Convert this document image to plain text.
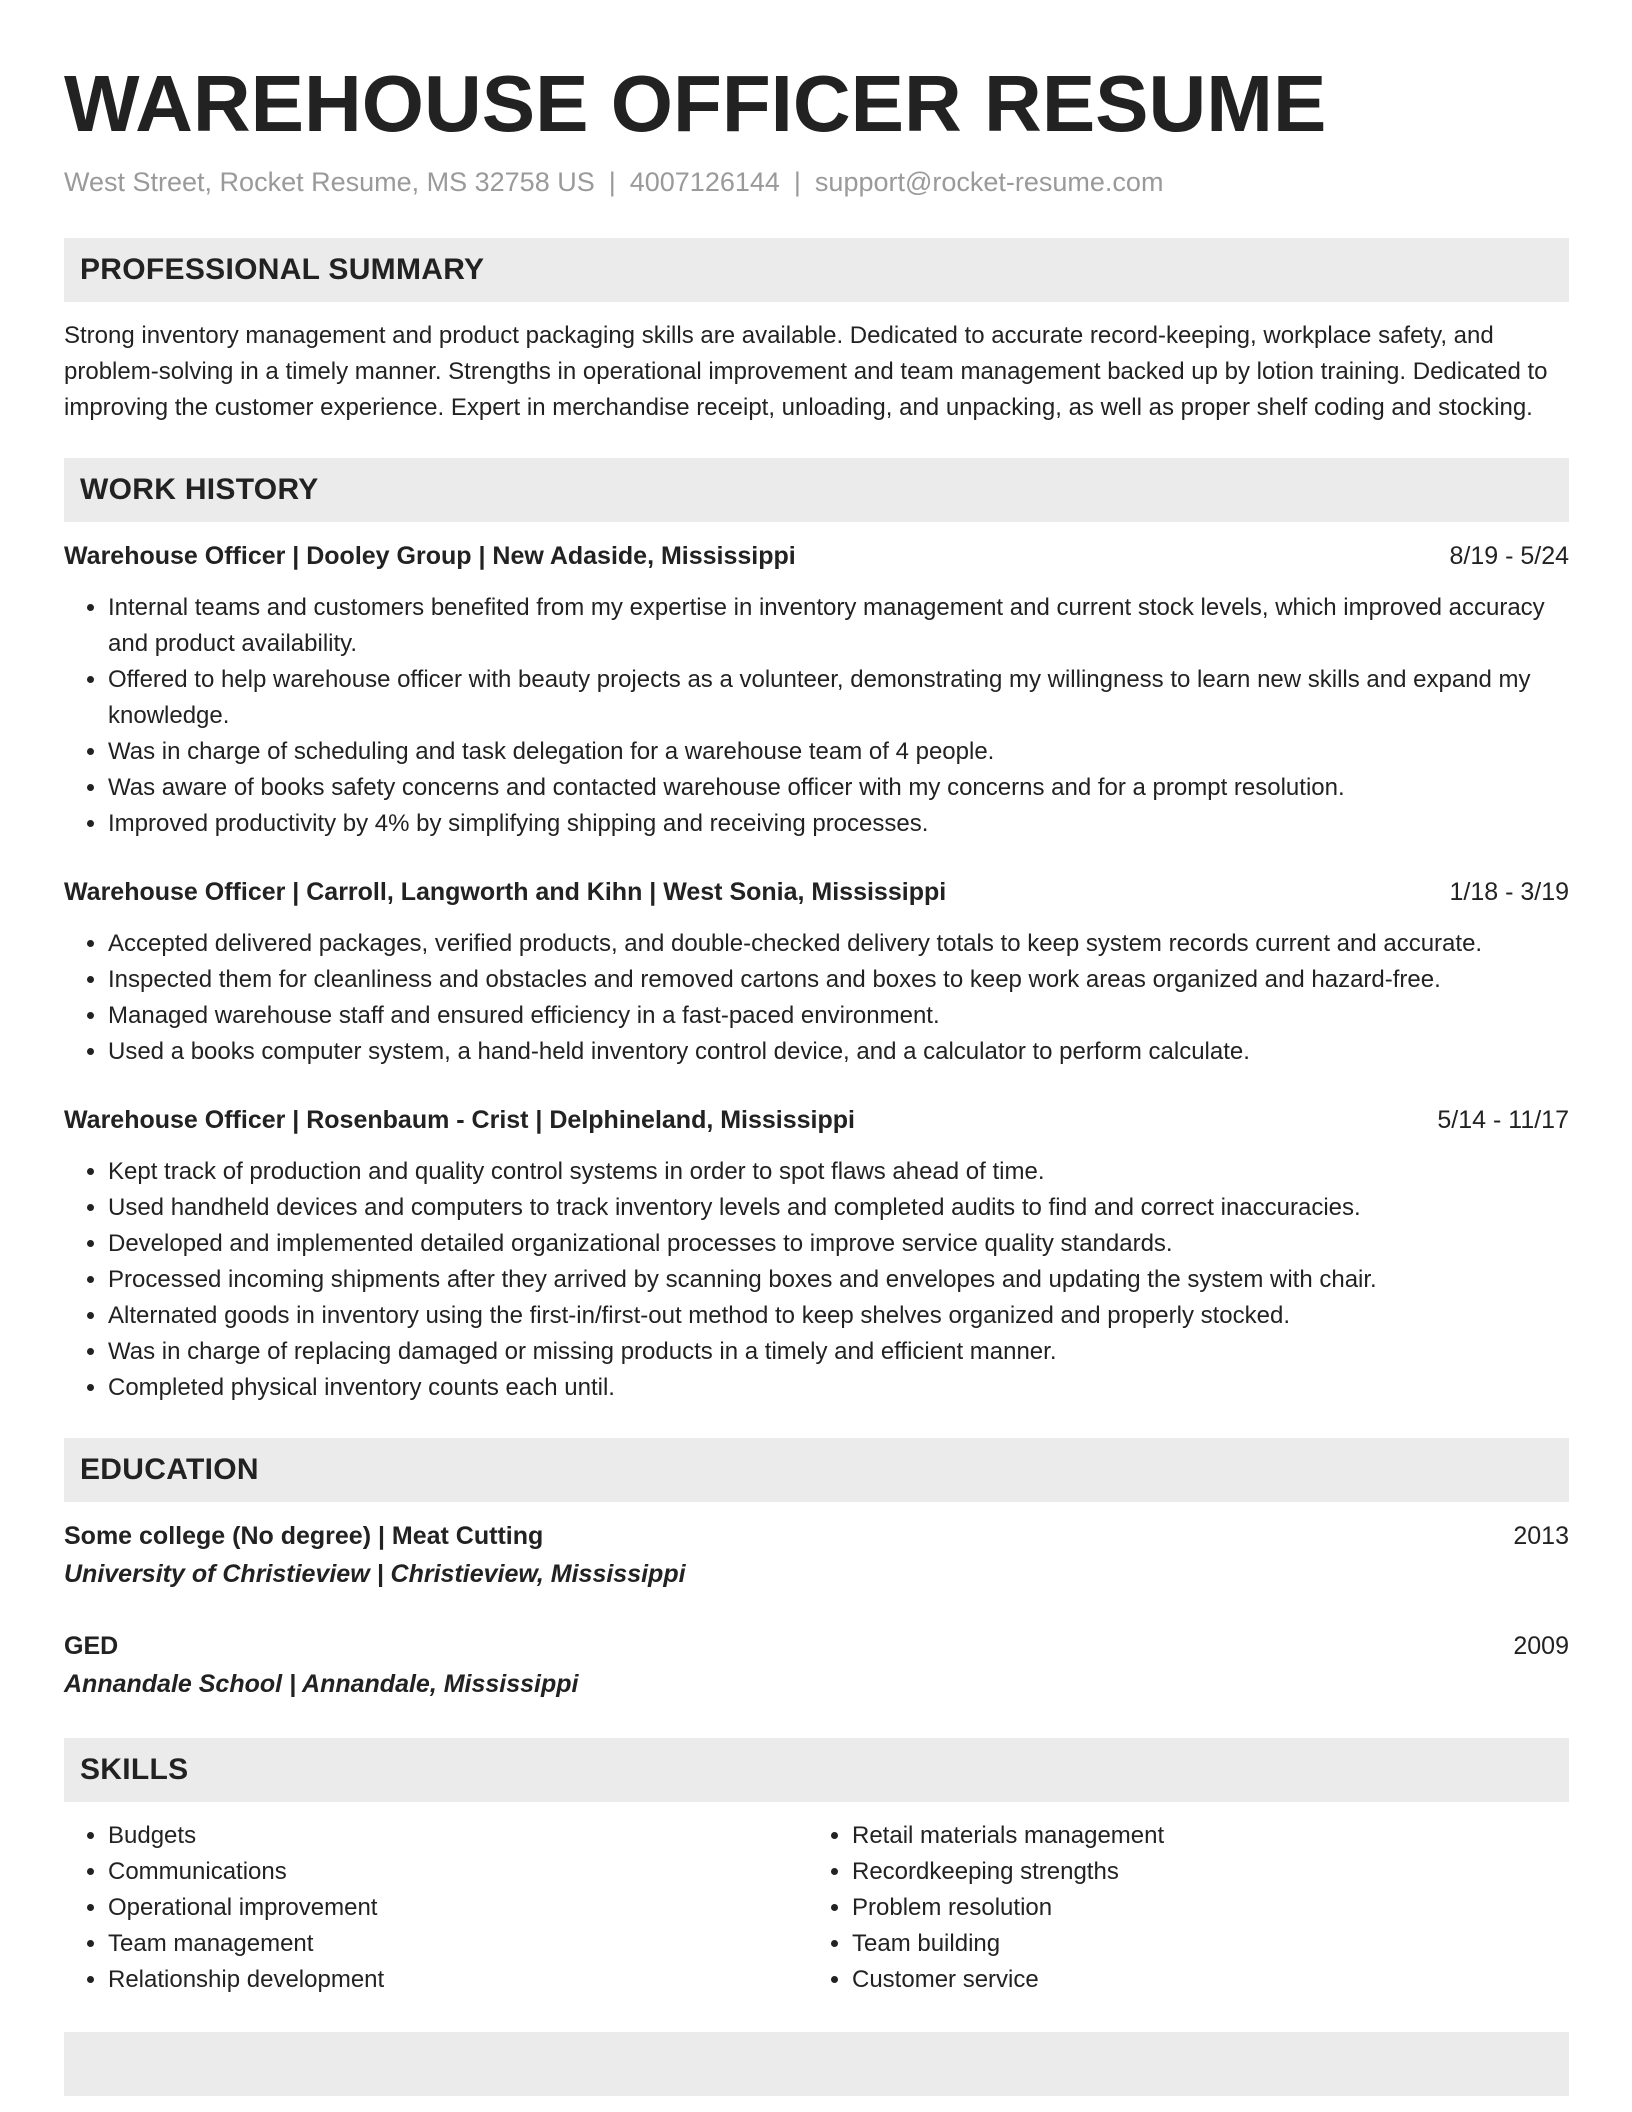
WAREHOUSE OFFICER RESUME
West Street, Rocket Resume, MS 32758 US | 4007126144 | support@rocket-resume.com
PROFESSIONAL SUMMARY
Strong inventory management and product packaging skills are available. Dedicated to accurate record-keeping, workplace safety, and problem-solving in a timely manner. Strengths in operational improvement and team management backed up by lotion training. Dedicated to improving the customer experience. Expert in merchandise receipt, unloading, and unpacking, as well as proper shelf coding and stocking.
WORK HISTORY
Warehouse Officer | Dooley Group | New Adaside, Mississippi	8/19 - 5/24
• Internal teams and customers benefited from my expertise in inventory management and current stock levels, which improved accuracy and product availability.
• Offered to help warehouse officer with beauty projects as a volunteer, demonstrating my willingness to learn new skills and expand my knowledge.
• Was in charge of scheduling and task delegation for a warehouse team of 4 people.
• Was aware of books safety concerns and contacted warehouse officer with my concerns and for a prompt resolution.
• Improved productivity by 4% by simplifying shipping and receiving processes.
Warehouse Officer | Carroll, Langworth and Kihn | West Sonia, Mississippi	1/18 - 3/19
• Accepted delivered packages, verified products, and double-checked delivery totals to keep system records current and accurate.
• Inspected them for cleanliness and obstacles and removed cartons and boxes to keep work areas organized and hazard-free.
• Managed warehouse staff and ensured efficiency in a fast-paced environment.
• Used a books computer system, a hand-held inventory control device, and a calculator to perform calculate.
Warehouse Officer | Rosenbaum - Crist | Delphineland, Mississippi	5/14 - 11/17
• Kept track of production and quality control systems in order to spot flaws ahead of time.
• Used handheld devices and computers to track inventory levels and completed audits to find and correct inaccuracies.
• Developed and implemented detailed organizational processes to improve service quality standards.
• Processed incoming shipments after they arrived by scanning boxes and envelopes and updating the system with chair.
• Alternated goods in inventory using the first-in/first-out method to keep shelves organized and properly stocked.
• Was in charge of replacing damaged or missing products in a timely and efficient manner.
• Completed physical inventory counts each until.
EDUCATION
Some college (No degree) | Meat Cutting	2013
University of Christieview | Christieview, Mississippi
GED	2009
Annandale School | Annandale, Mississippi
SKILLS
• Budgets
• Communications
• Operational improvement
• Team management
• Relationship development
• Retail materials management
• Recordkeeping strengths
• Problem resolution
• Team building
• Customer service
